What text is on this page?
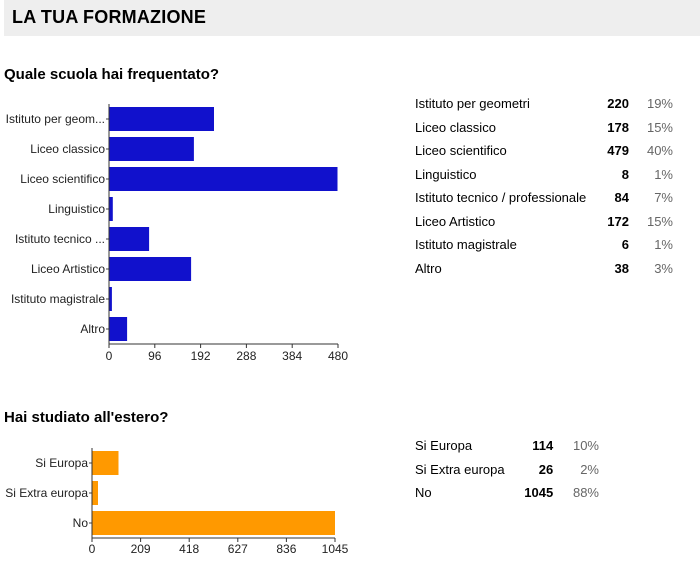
LA TUA FORMAZIONE
Quale scuola hai frequentato?
Istituto per geom...
Liceo classico
Liceo scientifico
Linguistico
Istituto tecnico ...
Liceo Artistico
Istituto magistrale
Altro
0	96 192 288 384 480
Istituto per geometri	220	19%
Liceo classico	178	15%
Liceo scientifico	479	40%
Linguistico	8	1%
Istituto tecnico / professionale	84	7%
Liceo Artistico	172	15%
Istituto magistrale	6	1%
Altro	38	3%
Hai studiato all'estero?
Si Europa
Si Extra europa
No
0	209 418 627 836 1045
Si Europa	114	10%
Si Extra europa	26	2%
No	1045	88%
